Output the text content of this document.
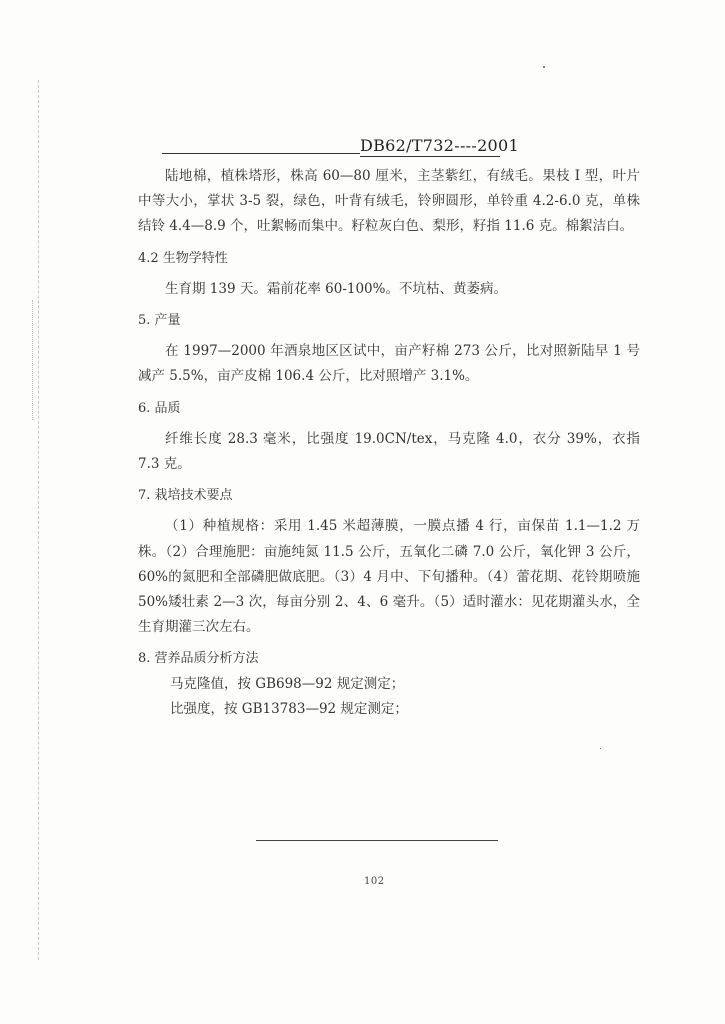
DB62/T732----2001

陆地棉，植株塔形，株高 60—80 厘米，主茎紫红，有绒毛。果枝 I 型，叶片中等大小，掌状 3-5 裂，绿色，叶背有绒毛，铃卵圆形，单铃重 4.2-6.0 克，单株结铃 4.4—8.9 个，吐絮畅而集中。籽粒灰白色、梨形，籽指 11.6 克。棉絮洁白。

4.2 生物学特性

生育期 139 天。霜前花率 60-100%。不坑枯、黄萎病。

5. 产量

在 1997—2000 年酒泉地区区试中，亩产籽棉 273 公斤，比对照新陆早 1 号减产 5.5%，亩产皮棉 106.4 公斤，比对照增产 3.1%。

6. 品质

纤维长度 28.3 毫米，比强度 19.0CN/tex，马克隆 4.0，衣分 39%，衣指 7.3 克。

7. 栽培技术要点

（1）种植规格：采用 1.45 米超薄膜，一膜点播 4 行，亩保苗 1.1—1.2 万株。（2）合理施肥：亩施纯氮 11.5 公斤，五氧化二磷 7.0 公斤，氧化钾 3 公斤，60%的氮肥和全部磷肥做底肥。（3）4 月中、下旬播种。（4）蕾花期、花铃期喷施 50%矮壮素 2—3 次，每亩分别 2、4、6 毫升。（5）适时灌水：见花期灌头水，全生育期灌三次左右。

8. 营养品质分析方法

马克隆值，按 GB698—92 规定测定；

比强度，按 GB13783—92 规定测定；

102
